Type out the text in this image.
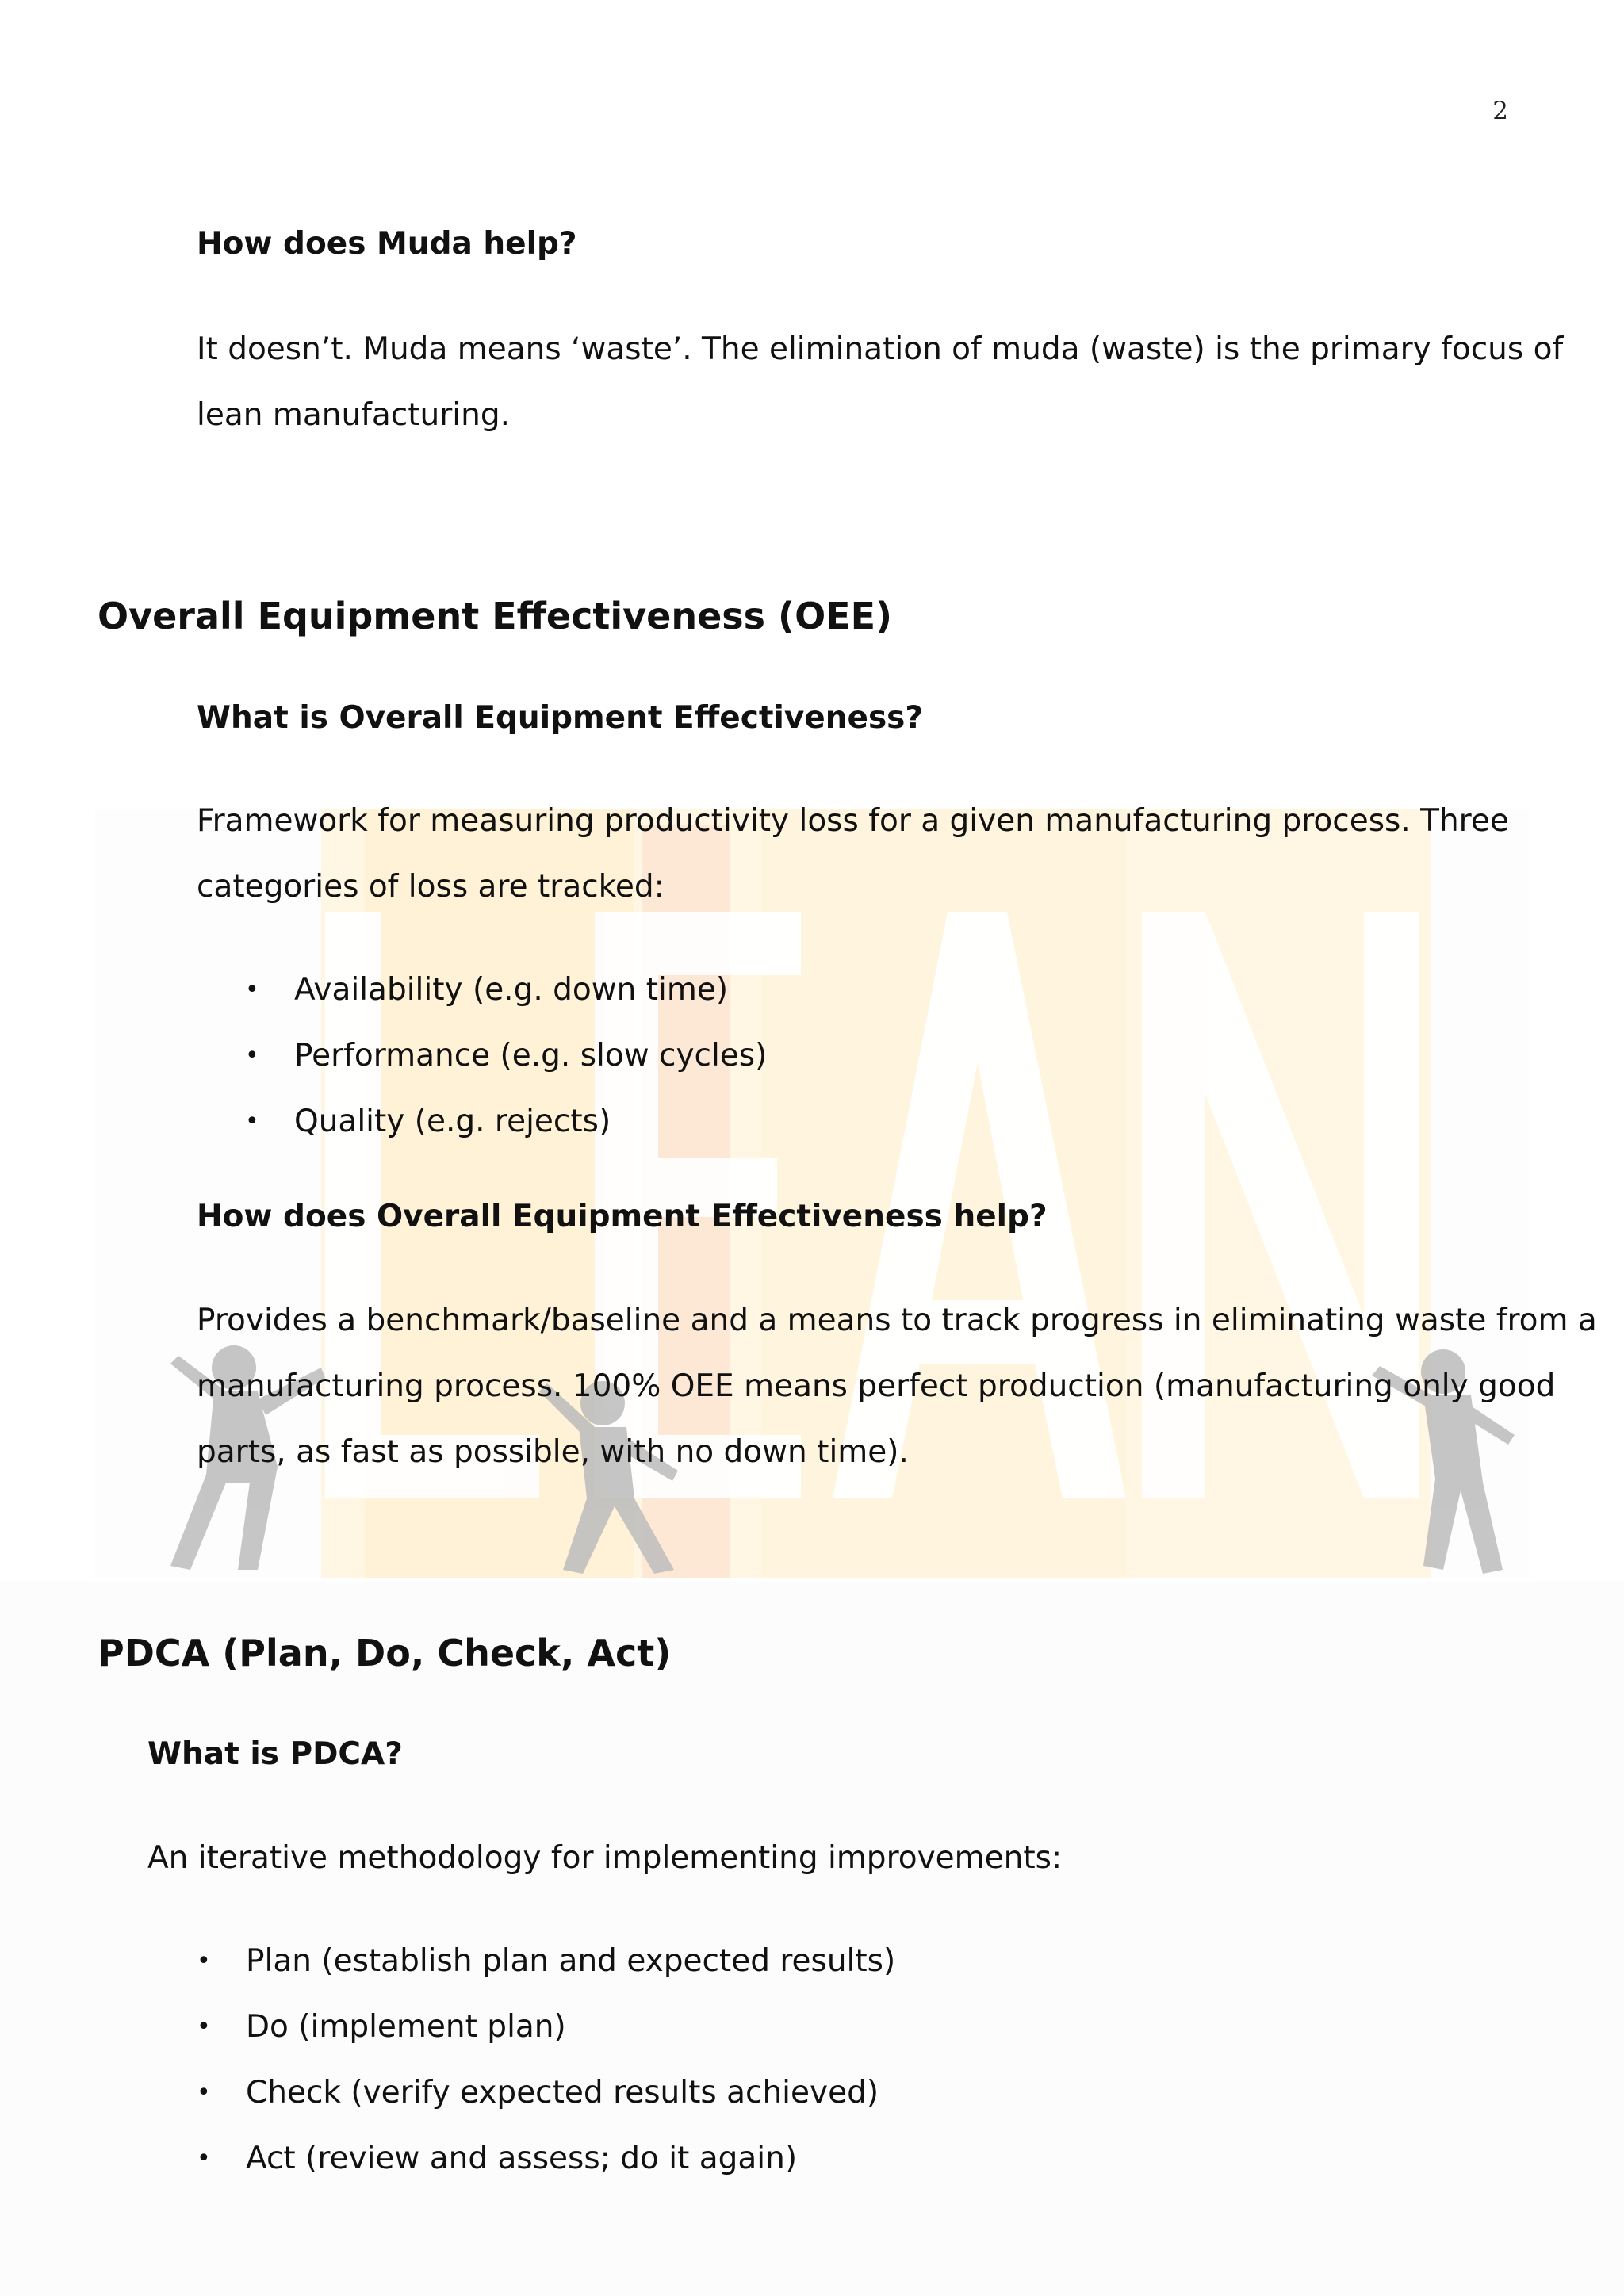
2

How does Muda help?

It doesn’t. Muda means ‘waste’. The elimination of muda (waste) is the primary focus of

lean manufacturing.

Overall Equipment Effectiveness (OEE)

What is Overall Equipment Effectiveness?

Framework for measuring productivity loss for a given manufacturing process. Three

categories of loss are tracked:

• Availability (e.g. down time)
• Performance (e.g. slow cycles)
• Quality (e.g. rejects)

How does Overall Equipment Effectiveness help?

Provides a benchmark/baseline and a means to track progress in eliminating waste from a

manufacturing process. 100% OEE means perfect production (manufacturing only good

parts, as fast as possible, with no down time).

PDCA (Plan, Do, Check, Act)

What is PDCA?

An iterative methodology for implementing improvements:

• Plan (establish plan and expected results)
• Do (implement plan)
• Check (verify expected results achieved)
• Act (review and assess; do it again)
